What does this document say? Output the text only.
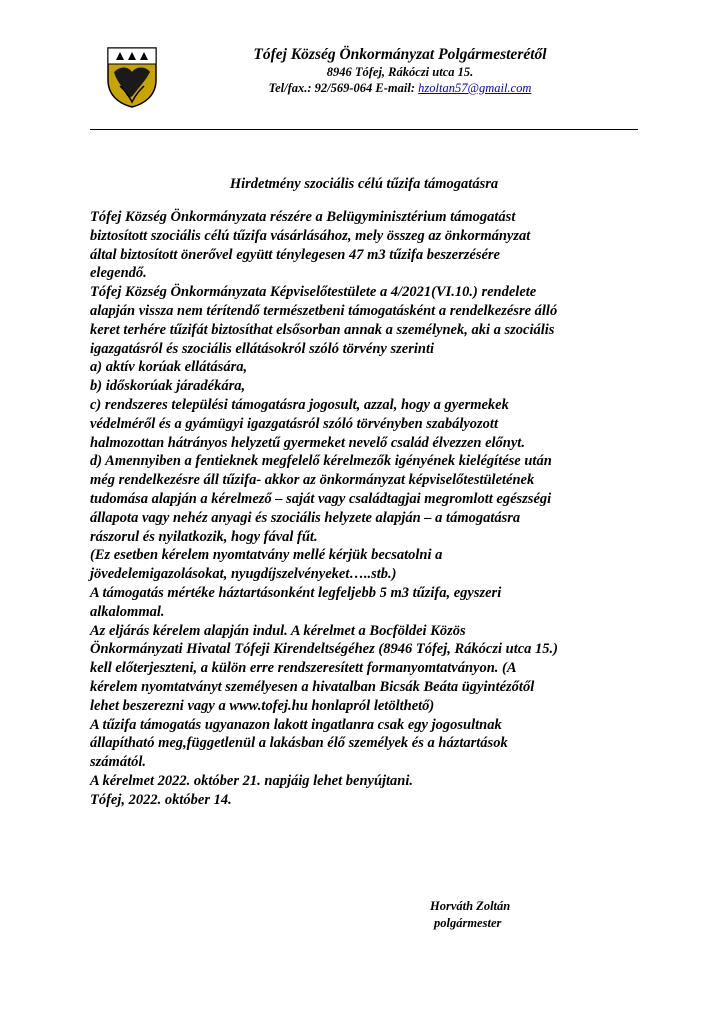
Tófej Község Önkormányzat Polgármesterétől
8946 Tófej, Rákóczi utca 15.
Tel/fax.: 92/569-064 E-mail: hzoltan57@gmail.com
Hirdetmény szociális célú tűzifa támogatásra

Tófej Község Önkormányzata részére a Belügyminisztérium támogatást

biztosított szociális célú tűzifa vásárlásához, mely összeg az önkormányzat

által biztosított önerővel együtt ténylegesen 47 m3 tűzifa beszerzésére

elegendő.

Tófej Község Önkormányzata Képviselőtestülete a 4/2021(VI.10.) rendelete

alapján vissza nem térítendő természetbeni támogatásként a rendelkezésre álló

keret terhére tűzifát biztosíthat elsősorban annak a személynek, aki a szociális

igazgatásról és szociális ellátásokról szóló törvény szerinti

a) aktív korúak ellátására,

b) időskorúak járadékára,

c) rendszeres települési támogatásra jogosult, azzal, hogy a gyermekek

védelméről és a gyámügyi igazgatásról szóló törvényben szabályozott

halmozottan hátrányos helyzetű gyermeket nevelő család élvezzen előnyt.

d) Amennyiben a fentieknek megfelelő kérelmezők igényének kielégítése után

még rendelkezésre áll tűzifa- akkor az önkormányzat képviselőtestületének

tudomása alapján a kérelmező – saját vagy családtagjai megromlott egészségi

állapota vagy nehéz anyagi és szociális helyzete alapján – a támogatásra

rászorul és nyilatkozik, hogy fával fűt.

(Ez esetben kérelem nyomtatvány mellé kérjük becsatolni a

jövedelemigazolásokat, nyugdíjszelvényeket…..stb.)

A támogatás mértéke háztartásonként legfeljebb 5 m3 tűzifa, egyszeri

alkalommal.

Az eljárás kérelem alapján indul. A kérelmet a Bocföldei Közös

Önkormányzati Hivatal Tófeji Kirendeltségéhez (8946 Tófej, Rákóczi utca 15.)

kell előterjeszteni, a külön erre rendszeresített formanyomtatványon. (A

kérelem nyomtatványt személyesen a hivatalban Bicsák Beáta ügyintézőtől

lehet beszerezni vagy a www.tofej.hu honlapról letölthető)

A tűzifa támogatás ugyanazon lakott ingatlanra csak egy jogosultnak

állapítható meg,függetlenül a lakásban élő személyek és a háztartások

számától.

A kérelmet 2022. október 21. napjáig lehet benyújtani.

Tófej, 2022. október 14.

Horváth Zoltán
polgármester
